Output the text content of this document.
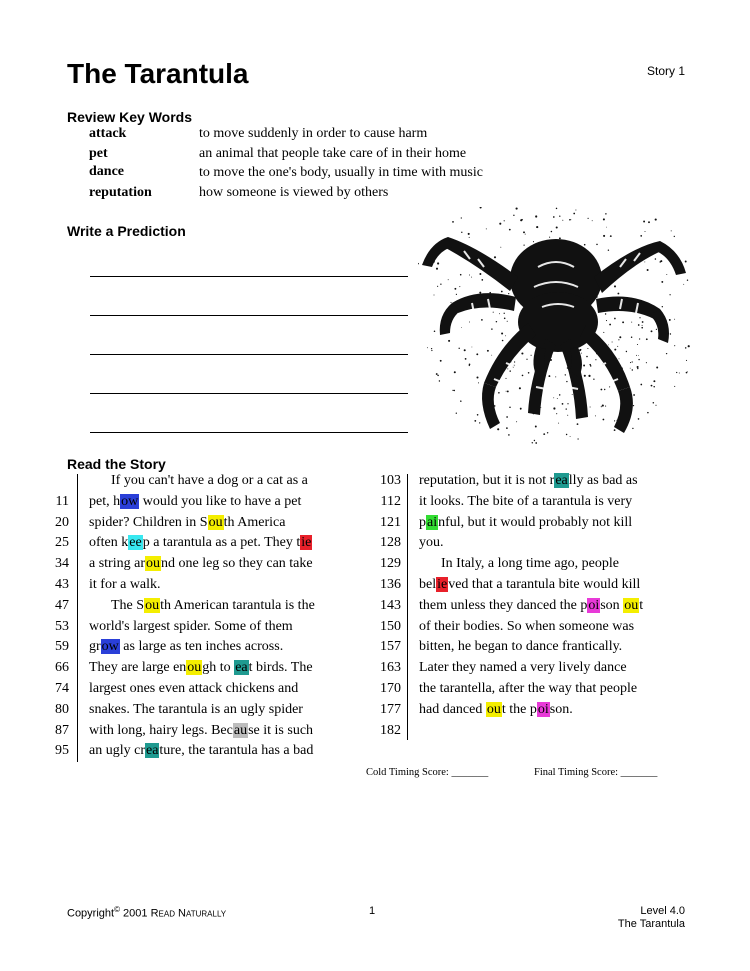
The Tarantula	Story 1
Review Key Words
attack	to move suddenly in order to cause harm
pet	an animal that people take care of in their home
dance	to move the one's body, usually in time with music
reputation	how someone is viewed by others
Write a Prediction
Read the Story
If you can't have a dog or a cat as a
11 pet, how would you like to have a pet
20 spider? Children in South America
25 often keep a tarantula as a pet. They tie
34 a string around one leg so they can take
43 it for a walk.
47	The South American tarantula is the
53 world's largest spider. Some of them
59 grow as large as ten inches across.
66 They are large enough to eat birds. The
74 largest ones even attack chickens and
80 snakes. The tarantula is an ugly spider
87 with long, hairy legs. Because it is such
95 an ugly creature, the tarantula has a bad
103 reputation, but it is not really as bad as
112 it looks. The bite of a tarantula is very
121 painful, but it would probably not kill
128 you.
129	In Italy, a long time ago, people
136 believed that a tarantula bite would kill
143 them unless they danced the poison out
150 of their bodies. So when someone was
157 bitten, he began to dance frantically.
163 Later they named a very lively dance
170 the tarantella, after the way that people
177 had danced out the poison.
182
Cold Timing Score: _______	Final Timing Score: _______
Copyright© 2001 Read Naturally	1	Level 4.0
The Tarantula
